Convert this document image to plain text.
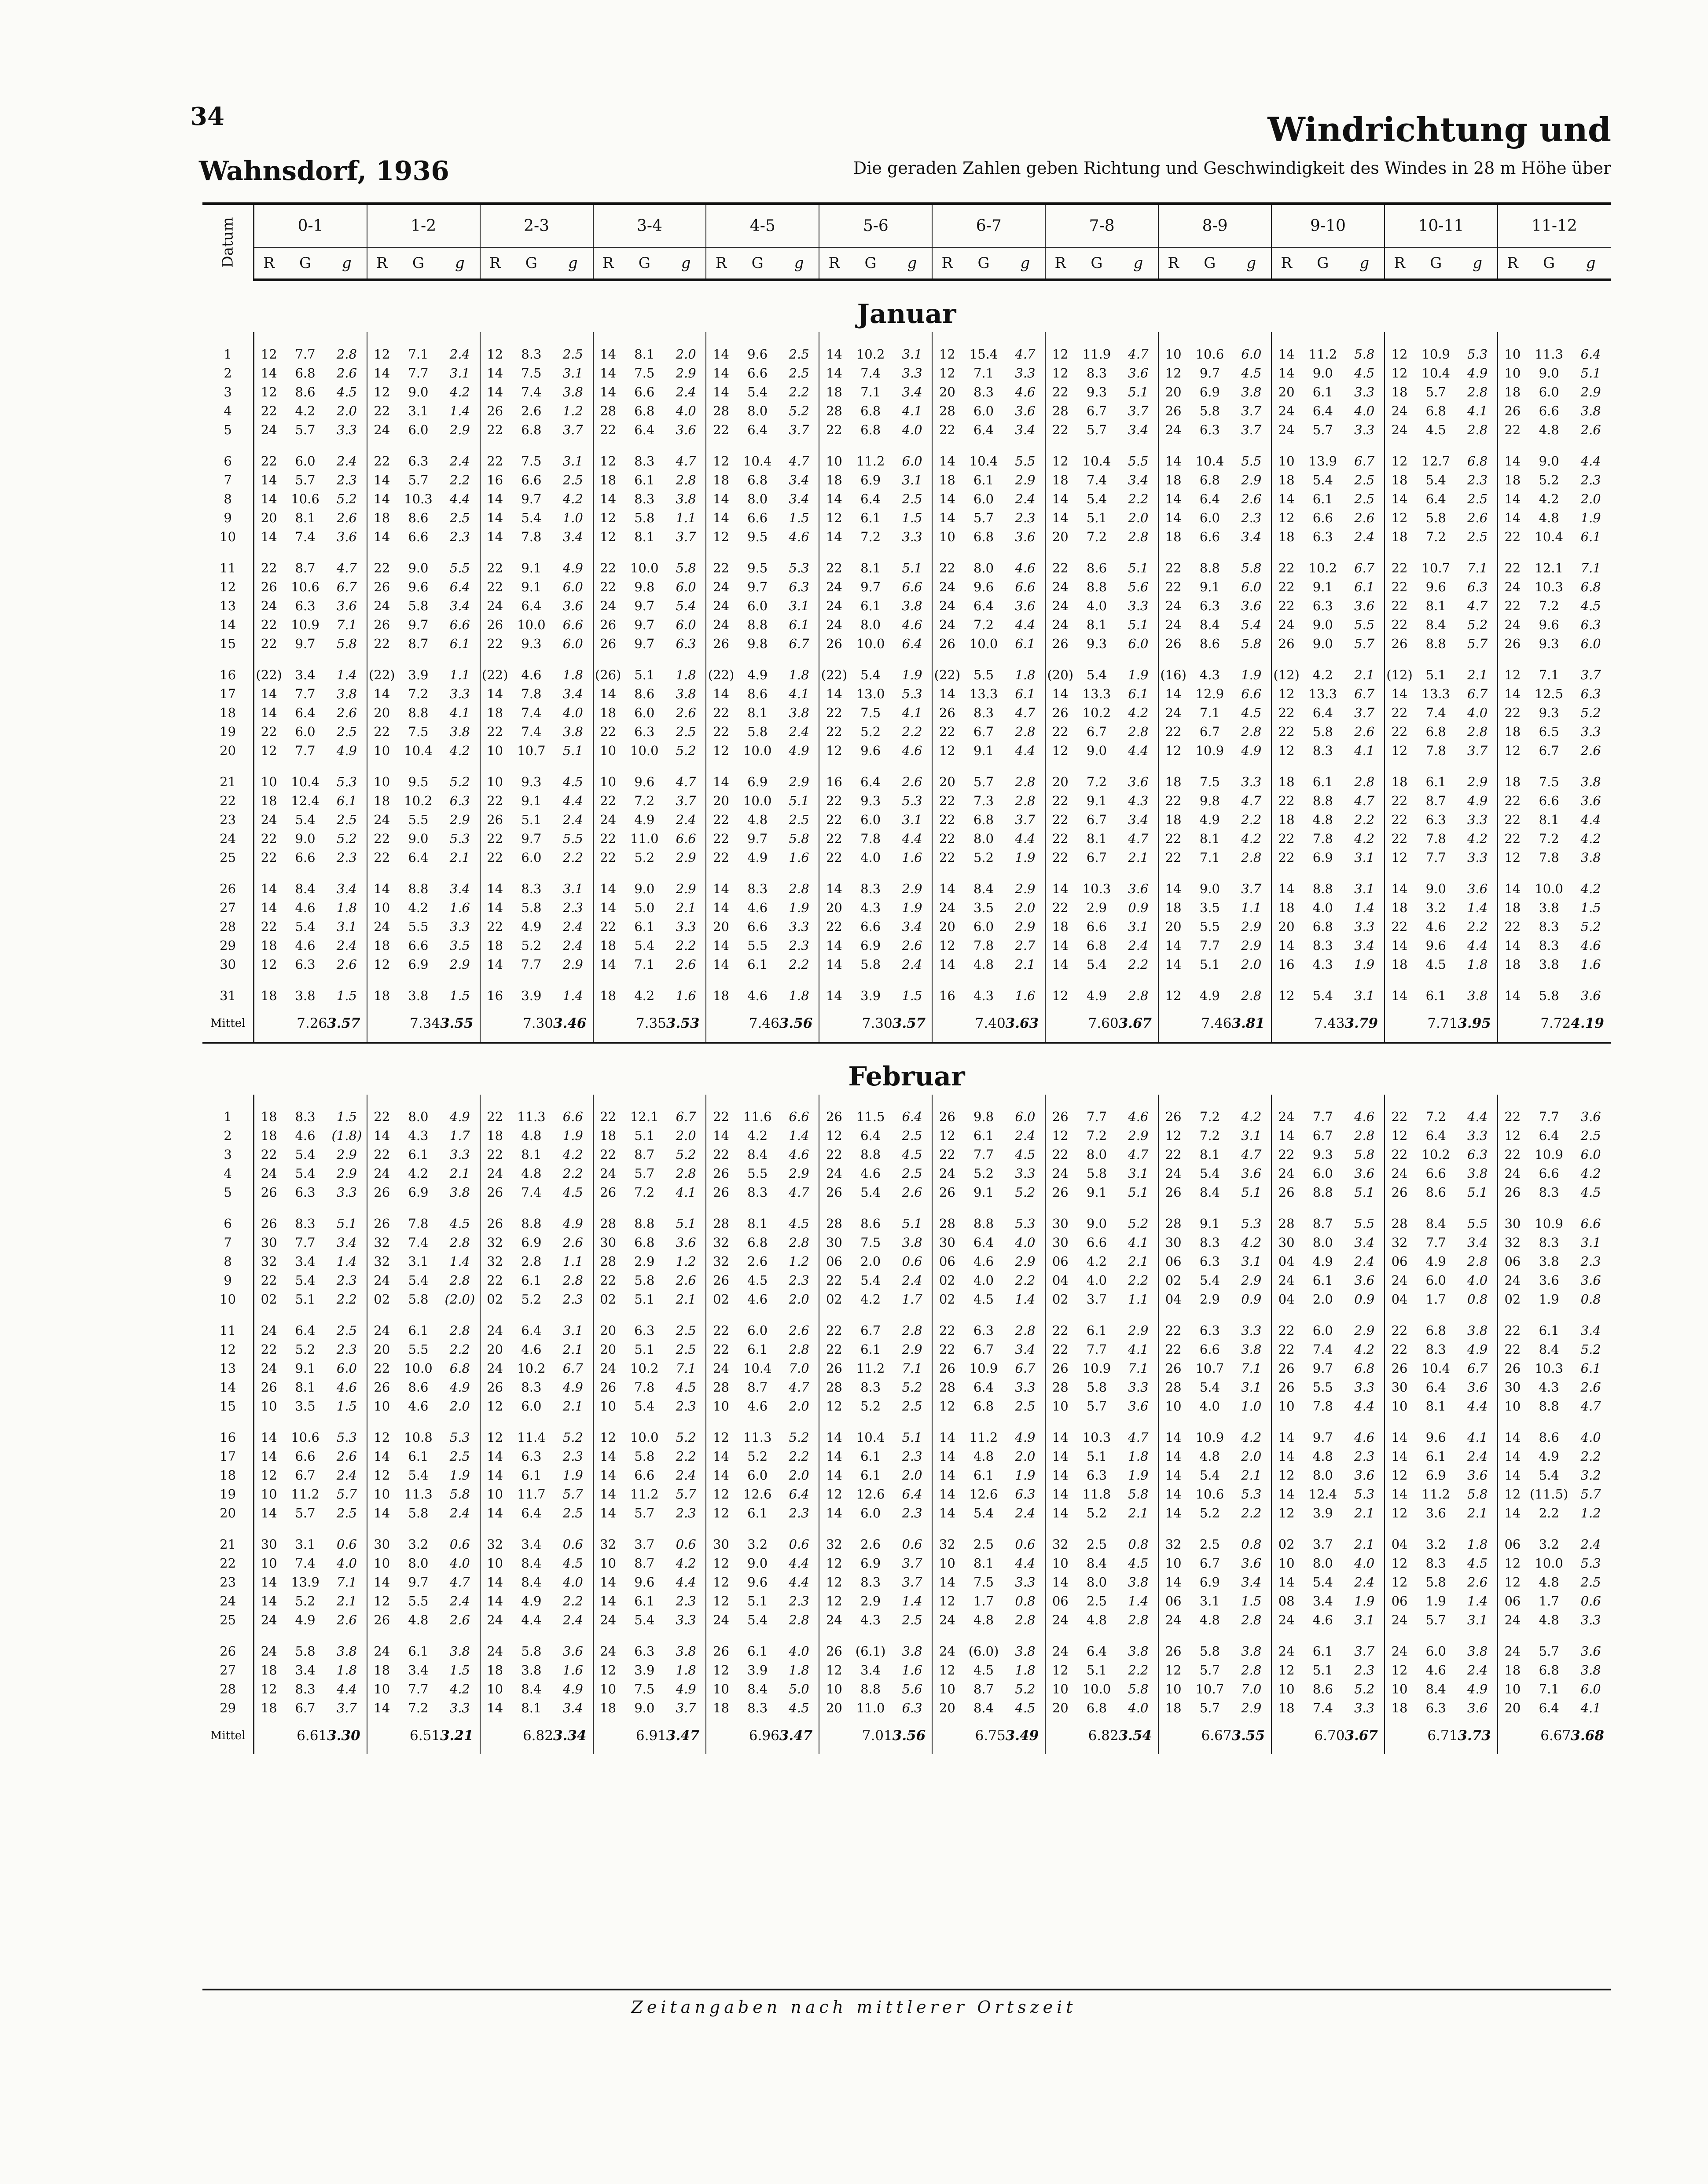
34
Wahnsdorf, 1936
Windrichtung und
Die geraden Zahlen geben Richtung und Geschwindigkeit des Windes in 28 m Höhe über
Datum	0-1			1-2			2-3			3-4			4-5			5-6			6-7			7-8			8-9			9-10			10-11			11-12		
	R	G	g	R	G	g	R	G	g	R	G	g	R	G	g	R	G	g	R	G	g	R	G	g	R	G	g	R	G	g	R	G	g	R	G	g
Januar																																				

1	12	7.7	2.8	12	7.1	2.4	12	8.3	2.5	14	8.1	2.0	14	9.6	2.5	14	10.2	3.1	12	15.4	4.7	12	11.9	4.7	10	10.6	6.0	14	11.2	5.8	12	10.9	5.3	10	11.3	6.4
2	14	6.8	2.6	14	7.7	3.1	14	7.5	3.1	14	7.5	2.9	14	6.6	2.5	14	7.4	3.3	12	7.1	3.3	12	8.3	3.6	12	9.7	4.5	14	9.0	4.5	12	10.4	4.9	10	9.0	5.1
3	12	8.6	4.5	12	9.0	4.2	14	7.4	3.8	14	6.6	2.4	14	5.4	2.2	18	7.1	3.4	20	8.3	4.6	22	9.3	5.1	20	6.9	3.8	20	6.1	3.3	18	5.7	2.8	18	6.0	2.9
4	22	4.2	2.0	22	3.1	1.4	26	2.6	1.2	28	6.8	4.0	28	8.0	5.2	28	6.8	4.1	28	6.0	3.6	28	6.7	3.7	26	5.8	3.7	24	6.4	4.0	24	6.8	4.1	26	6.6	3.8
5	24	5.7	3.3	24	6.0	2.9	22	6.8	3.7	22	6.4	3.6	22	6.4	3.7	22	6.8	4.0	22	6.4	3.4	22	5.7	3.4	24	6.3	3.7	24	5.7	3.3	24	4.5	2.8	22	4.8	2.6

6	22	6.0	2.4	22	6.3	2.4	22	7.5	3.1	12	8.3	4.7	12	10.4	4.7	10	11.2	6.0	14	10.4	5.5	12	10.4	5.5	14	10.4	5.5	10	13.9	6.7	12	12.7	6.8	14	9.0	4.4
7	14	5.7	2.3	14	5.7	2.2	16	6.6	2.5	18	6.1	2.8	18	6.8	3.4	18	6.9	3.1	18	6.1	2.9	18	7.4	3.4	18	6.8	2.9	18	5.4	2.5	18	5.4	2.3	18	5.2	2.3
8	14	10.6	5.2	14	10.3	4.4	14	9.7	4.2	14	8.3	3.8	14	8.0	3.4	14	6.4	2.5	14	6.0	2.4	14	5.4	2.2	14	6.4	2.6	14	6.1	2.5	14	6.4	2.5	14	4.2	2.0
9	20	8.1	2.6	18	8.6	2.5	14	5.4	1.0	12	5.8	1.1	14	6.6	1.5	12	6.1	1.5	14	5.7	2.3	14	5.1	2.0	14	6.0	2.3	12	6.6	2.6	12	5.8	2.6	14	4.8	1.9
10	14	7.4	3.6	14	6.6	2.3	14	7.8	3.4	12	8.1	3.7	12	9.5	4.6	14	7.2	3.3	10	6.8	3.6	20	7.2	2.8	18	6.6	3.4	18	6.3	2.4	18	7.2	2.5	22	10.4	6.1

11	22	8.7	4.7	22	9.0	5.5	22	9.1	4.9	22	10.0	5.8	22	9.5	5.3	22	8.1	5.1	22	8.0	4.6	22	8.6	5.1	22	8.8	5.8	22	10.2	6.7	22	10.7	7.1	22	12.1	7.1
12	26	10.6	6.7	26	9.6	6.4	22	9.1	6.0	22	9.8	6.0	24	9.7	6.3	24	9.7	6.6	24	9.6	6.6	24	8.8	5.6	22	9.1	6.0	22	9.1	6.1	22	9.6	6.3	24	10.3	6.8
13	24	6.3	3.6	24	5.8	3.4	24	6.4	3.6	24	9.7	5.4	24	6.0	3.1	24	6.1	3.8	24	6.4	3.6	24	4.0	3.3	24	6.3	3.6	22	6.3	3.6	22	8.1	4.7	22	7.2	4.5
14	22	10.9	7.1	26	9.7	6.6	26	10.0	6.6	26	9.7	6.0	24	8.8	6.1	24	8.0	4.6	24	7.2	4.4	24	8.1	5.1	24	8.4	5.4	24	9.0	5.5	22	8.4	5.2	24	9.6	6.3
15	22	9.7	5.8	22	8.7	6.1	22	9.3	6.0	26	9.7	6.3	26	9.8	6.7	26	10.0	6.4	26	10.0	6.1	26	9.3	6.0	26	8.6	5.8	26	9.0	5.7	26	8.8	5.7	26	9.3	6.0

16	(22)	3.4	1.4	(22)	3.9	1.1	(22)	4.6	1.8	(26)	5.1	1.8	(22)	4.9	1.8	(22)	5.4	1.9	(22)	5.5	1.8	(20)	5.4	1.9	(16)	4.3	1.9	(12)	4.2	2.1	(12)	5.1	2.1	12	7.1	3.7
17	14	7.7	3.8	14	7.2	3.3	14	7.8	3.4	14	8.6	3.8	14	8.6	4.1	14	13.0	5.3	14	13.3	6.1	14	13.3	6.1	14	12.9	6.6	12	13.3	6.7	14	13.3	6.7	14	12.5	6.3
18	14	6.4	2.6	20	8.8	4.1	18	7.4	4.0	18	6.0	2.6	22	8.1	3.8	22	7.5	4.1	26	8.3	4.7	26	10.2	4.2	24	7.1	4.5	22	6.4	3.7	22	7.4	4.0	22	9.3	5.2
19	22	6.0	2.5	22	7.5	3.8	22	7.4	3.8	22	6.3	2.5	22	5.8	2.4	22	5.2	2.2	22	6.7	2.8	22	6.7	2.8	22	6.7	2.8	22	5.8	2.6	22	6.8	2.8	18	6.5	3.3
20	12	7.7	4.9	10	10.4	4.2	10	10.7	5.1	10	10.0	5.2	12	10.0	4.9	12	9.6	4.6	12	9.1	4.4	12	9.0	4.4	12	10.9	4.9	12	8.3	4.1	12	7.8	3.7	12	6.7	2.6

21	10	10.4	5.3	10	9.5	5.2	10	9.3	4.5	10	9.6	4.7	14	6.9	2.9	16	6.4	2.6	20	5.7	2.8	20	7.2	3.6	18	7.5	3.3	18	6.1	2.8	18	6.1	2.9	18	7.5	3.8
22	18	12.4	6.1	18	10.2	6.3	22	9.1	4.4	22	7.2	3.7	20	10.0	5.1	22	9.3	5.3	22	7.3	2.8	22	9.1	4.3	22	9.8	4.7	22	8.8	4.7	22	8.7	4.9	22	6.6	3.6
23	24	5.4	2.5	24	5.5	2.9	26	5.1	2.4	24	4.9	2.4	22	4.8	2.5	22	6.0	3.1	22	6.8	3.7	22	6.7	3.4	18	4.9	2.2	18	4.8	2.2	22	6.3	3.3	22	8.1	4.4
24	22	9.0	5.2	22	9.0	5.3	22	9.7	5.5	22	11.0	6.6	22	9.7	5.8	22	7.8	4.4	22	8.0	4.4	22	8.1	4.7	22	8.1	4.2	22	7.8	4.2	22	7.8	4.2	22	7.2	4.2
25	22	6.6	2.3	22	6.4	2.1	22	6.0	2.2	22	5.2	2.9	22	4.9	1.6	22	4.0	1.6	22	5.2	1.9	22	6.7	2.1	22	7.1	2.8	22	6.9	3.1	12	7.7	3.3	12	7.8	3.8

26	14	8.4	3.4	14	8.8	3.4	14	8.3	3.1	14	9.0	2.9	14	8.3	2.8	14	8.3	2.9	14	8.4	2.9	14	10.3	3.6	14	9.0	3.7	14	8.8	3.1	14	9.0	3.6	14	10.0	4.2
27	14	4.6	1.8	10	4.2	1.6	14	5.8	2.3	14	5.0	2.1	14	4.6	1.9	20	4.3	1.9	24	3.5	2.0	22	2.9	0.9	18	3.5	1.1	18	4.0	1.4	18	3.2	1.4	18	3.8	1.5
28	22	5.4	3.1	24	5.5	3.3	22	4.9	2.4	22	6.1	3.3	20	6.6	3.3	22	6.6	3.4	20	6.0	2.9	18	6.6	3.1	20	5.5	2.9	20	6.8	3.3	22	4.6	2.2	22	8.3	5.2
29	18	4.6	2.4	18	6.6	3.5	18	5.2	2.4	18	5.4	2.2	14	5.5	2.3	14	6.9	2.6	12	7.8	2.7	14	6.8	2.4	14	7.7	2.9	14	8.3	3.4	14	9.6	4.4	14	8.3	4.6
30	12	6.3	2.6	12	6.9	2.9	14	7.7	2.9	14	7.1	2.6	14	6.1	2.2	14	5.8	2.4	14	4.8	2.1	14	5.4	2.2	14	5.1	2.0	16	4.3	1.9	18	4.5	1.8	18	3.8	1.6

31	18	3.8	1.5	18	3.8	1.5	16	3.9	1.4	18	4.2	1.6	18	4.6	1.8	14	3.9	1.5	16	4.3	1.6	12	4.9	2.8	12	4.9	2.8	12	5.4	3.1	14	6.1	3.8	14	5.8	3.6
Mittel		7.26	3.57		7.34	3.55		7.30	3.46		7.35	3.53		7.46	3.56		7.30	3.57		7.40	3.63		7.60	3.67		7.46	3.81		7.43	3.79		7.71	3.95		7.72	4.19
Februar																																				

1	18	8.3	1.5	22	8.0	4.9	22	11.3	6.6	22	12.1	6.7	22	11.6	6.6	26	11.5	6.4	26	9.8	6.0	26	7.7	4.6	26	7.2	4.2	24	7.7	4.6	22	7.2	4.4	22	7.7	3.6
2	18	4.6	(1.8)	14	4.3	1.7	18	4.8	1.9	18	5.1	2.0	14	4.2	1.4	12	6.4	2.5	12	6.1	2.4	12	7.2	2.9	12	7.2	3.1	14	6.7	2.8	12	6.4	3.3	12	6.4	2.5
3	22	5.4	2.9	22	6.1	3.3	22	8.1	4.2	22	8.7	5.2	22	8.4	4.6	22	8.8	4.5	22	7.7	4.5	22	8.0	4.7	22	8.1	4.7	22	9.3	5.8	22	10.2	6.3	22	10.9	6.0
4	24	5.4	2.9	24	4.2	2.1	24	4.8	2.2	24	5.7	2.8	26	5.5	2.9	24	4.6	2.5	24	5.2	3.3	24	5.8	3.1	24	5.4	3.6	24	6.0	3.6	24	6.6	3.8	24	6.6	4.2
5	26	6.3	3.3	26	6.9	3.8	26	7.4	4.5	26	7.2	4.1	26	8.3	4.7	26	5.4	2.6	26	9.1	5.2	26	9.1	5.1	26	8.4	5.1	26	8.8	5.1	26	8.6	5.1	26	8.3	4.5

6	26	8.3	5.1	26	7.8	4.5	26	8.8	4.9	28	8.8	5.1	28	8.1	4.5	28	8.6	5.1	28	8.8	5.3	30	9.0	5.2	28	9.1	5.3	28	8.7	5.5	28	8.4	5.5	30	10.9	6.6
7	30	7.7	3.4	32	7.4	2.8	32	6.9	2.6	30	6.8	3.6	32	6.8	2.8	30	7.5	3.8	30	6.4	4.0	30	6.6	4.1	30	8.3	4.2	30	8.0	3.4	32	7.7	3.4	32	8.3	3.1
8	32	3.4	1.4	32	3.1	1.4	32	2.8	1.1	28	2.9	1.2	32	2.6	1.2	06	2.0	0.6	06	4.6	2.9	06	4.2	2.1	06	6.3	3.1	04	4.9	2.4	06	4.9	2.8	06	3.8	2.3
9	22	5.4	2.3	24	5.4	2.8	22	6.1	2.8	22	5.8	2.6	26	4.5	2.3	22	5.4	2.4	02	4.0	2.2	04	4.0	2.2	02	5.4	2.9	24	6.1	3.6	24	6.0	4.0	24	3.6	3.6
10	02	5.1	2.2	02	5.8	(2.0)	02	5.2	2.3	02	5.1	2.1	02	4.6	2.0	02	4.2	1.7	02	4.5	1.4	02	3.7	1.1	04	2.9	0.9	04	2.0	0.9	04	1.7	0.8	02	1.9	0.8

11	24	6.4	2.5	24	6.1	2.8	24	6.4	3.1	20	6.3	2.5	22	6.0	2.6	22	6.7	2.8	22	6.3	2.8	22	6.1	2.9	22	6.3	3.3	22	6.0	2.9	22	6.8	3.8	22	6.1	3.4
12	22	5.2	2.3	20	5.5	2.2	20	4.6	2.1	20	5.1	2.5	22	6.1	2.8	22	6.1	2.9	22	6.7	3.4	22	7.7	4.1	22	6.6	3.8	22	7.4	4.2	22	8.3	4.9	22	8.4	5.2
13	24	9.1	6.0	22	10.0	6.8	24	10.2	6.7	24	10.2	7.1	24	10.4	7.0	26	11.2	7.1	26	10.9	6.7	26	10.9	7.1	26	10.7	7.1	26	9.7	6.8	26	10.4	6.7	26	10.3	6.1
14	26	8.1	4.6	26	8.6	4.9	26	8.3	4.9	26	7.8	4.5	28	8.7	4.7	28	8.3	5.2	28	6.4	3.3	28	5.8	3.3	28	5.4	3.1	26	5.5	3.3	30	6.4	3.6	30	4.3	2.6
15	10	3.5	1.5	10	4.6	2.0	12	6.0	2.1	10	5.4	2.3	10	4.6	2.0	12	5.2	2.5	12	6.8	2.5	10	5.7	3.6	10	4.0	1.0	10	7.8	4.4	10	8.1	4.4	10	8.8	4.7

16	14	10.6	5.3	12	10.8	5.3	12	11.4	5.2	12	10.0	5.2	12	11.3	5.2	14	10.4	5.1	14	11.2	4.9	14	10.3	4.7	14	10.9	4.2	14	9.7	4.6	14	9.6	4.1	14	8.6	4.0
17	14	6.6	2.6	14	6.1	2.5	14	6.3	2.3	14	5.8	2.2	14	5.2	2.2	14	6.1	2.3	14	4.8	2.0	14	5.1	1.8	14	4.8	2.0	14	4.8	2.3	14	6.1	2.4	14	4.9	2.2
18	12	6.7	2.4	12	5.4	1.9	14	6.1	1.9	14	6.6	2.4	14	6.0	2.0	14	6.1	2.0	14	6.1	1.9	14	6.3	1.9	14	5.4	2.1	12	8.0	3.6	12	6.9	3.6	14	5.4	3.2
19	10	11.2	5.7	10	11.3	5.8	10	11.7	5.7	14	11.2	5.7	12	12.6	6.4	12	12.6	6.4	14	12.6	6.3	14	11.8	5.8	14	10.6	5.3	14	12.4	5.3	14	11.2	5.8	12	(11.5)	5.7
20	14	5.7	2.5	14	5.8	2.4	14	6.4	2.5	14	5.7	2.3	12	6.1	2.3	14	6.0	2.3	14	5.4	2.4	14	5.2	2.1	14	5.2	2.2	12	3.9	2.1	12	3.6	2.1	14	2.2	1.2

21	30	3.1	0.6	30	3.2	0.6	32	3.4	0.6	32	3.7	0.6	30	3.2	0.6	32	2.6	0.6	32	2.5	0.6	32	2.5	0.8	32	2.5	0.8	02	3.7	2.1	04	3.2	1.8	06	3.2	2.4
22	10	7.4	4.0	10	8.0	4.0	10	8.4	4.5	10	8.7	4.2	12	9.0	4.4	12	6.9	3.7	10	8.1	4.4	10	8.4	4.5	10	6.7	3.6	10	8.0	4.0	12	8.3	4.5	12	10.0	5.3
23	14	13.9	7.1	14	9.7	4.7	14	8.4	4.0	14	9.6	4.4	12	9.6	4.4	12	8.3	3.7	14	7.5	3.3	14	8.0	3.8	14	6.9	3.4	14	5.4	2.4	12	5.8	2.6	12	4.8	2.5
24	14	5.2	2.1	12	5.5	2.4	14	4.9	2.2	14	6.1	2.3	12	5.1	2.3	12	2.9	1.4	12	1.7	0.8	06	2.5	1.4	06	3.1	1.5	08	3.4	1.9	06	1.9	1.4	06	1.7	0.6
25	24	4.9	2.6	26	4.8	2.6	24	4.4	2.4	24	5.4	3.3	24	5.4	2.8	24	4.3	2.5	24	4.8	2.8	24	4.8	2.8	24	4.8	2.8	24	4.6	3.1	24	5.7	3.1	24	4.8	3.3

26	24	5.8	3.8	24	6.1	3.8	24	5.8	3.6	24	6.3	3.8	26	6.1	4.0	26	(6.1)	3.8	24	(6.0)	3.8	24	6.4	3.8	26	5.8	3.8	24	6.1	3.7	24	6.0	3.8	24	5.7	3.6
27	18	3.4	1.8	18	3.4	1.5	18	3.8	1.6	12	3.9	1.8	12	3.9	1.8	12	3.4	1.6	12	4.5	1.8	12	5.1	2.2	12	5.7	2.8	12	5.1	2.3	12	4.6	2.4	18	6.8	3.8
28	12	8.3	4.4	10	7.7	4.2	10	8.4	4.9	10	7.5	4.9	10	8.4	5.0	10	8.8	5.6	10	8.7	5.2	10	10.0	5.8	10	10.7	7.0	10	8.6	5.2	10	8.4	4.9	10	7.1	6.0
29	18	6.7	3.7	14	7.2	3.3	14	8.1	3.4	18	9.0	3.7	18	8.3	4.5	20	11.0	6.3	20	8.4	4.5	20	6.8	4.0	18	5.7	2.9	18	7.4	3.3	18	6.3	3.6	20	6.4	4.1
Mittel		6.61	3.30		6.51	3.21		6.82	3.34		6.91	3.47		6.96	3.47		7.01	3.56		6.75	3.49		6.82	3.54		6.67	3.55		6.70	3.67		6.71	3.73		6.67	3.68
Zeitangaben nach mittlerer Ortszeit
